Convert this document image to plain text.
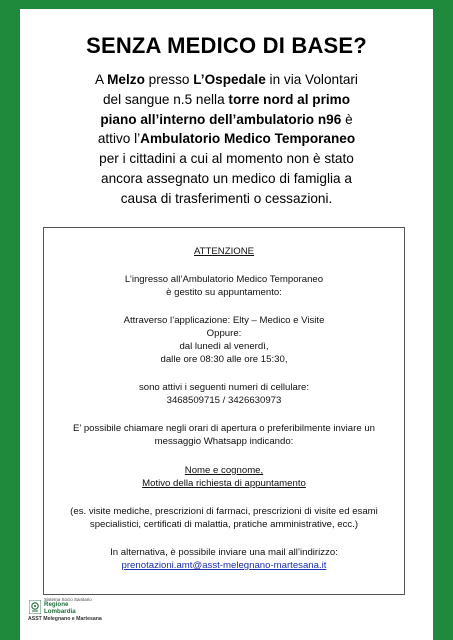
SENZA MEDICO DI BASE?
A Melzo presso L’Ospedale in via Volontari
del sangue n.5 nella torre nord al primo
piano all’interno dell’ambulatorio n96 è
attivo l’Ambulatorio Medico Temporaneo
per i cittadini a cui al momento non è stato
ancora assegnato un medico di famiglia a
causa di trasferimenti o cessazioni.
ATTENZIONE
L’ingresso all’Ambulatorio Medico Temporaneo
è gestito su appuntamento:
Attraverso l’applicazione: Elty – Medico e Visite
Oppure:
dal lunedì al venerdì,
dalle ore 08:30 alle ore 15:30,
sono attivi i seguenti numeri di cellulare:
3468509715 / 3426630973
E’ possibile chiamare negli orari di apertura o preferibilmente inviare un
messaggio Whatsapp indicando:
Nome e cognome,
Motivo della richiesta di appuntamento
(es. visite mediche, prescrizioni di farmaci, prescrizioni di visite ed esami
specialistici, certificati di malattia, pratiche amministrative, ecc.)
In alternativa, è possibile inviare una mail all’indirizzo:
prenotazioni.amt@asst-melegnano-martesana.it
Sistema Socio Sanitario
Regione
Lombardia
ASST Melegnano e Martesana
